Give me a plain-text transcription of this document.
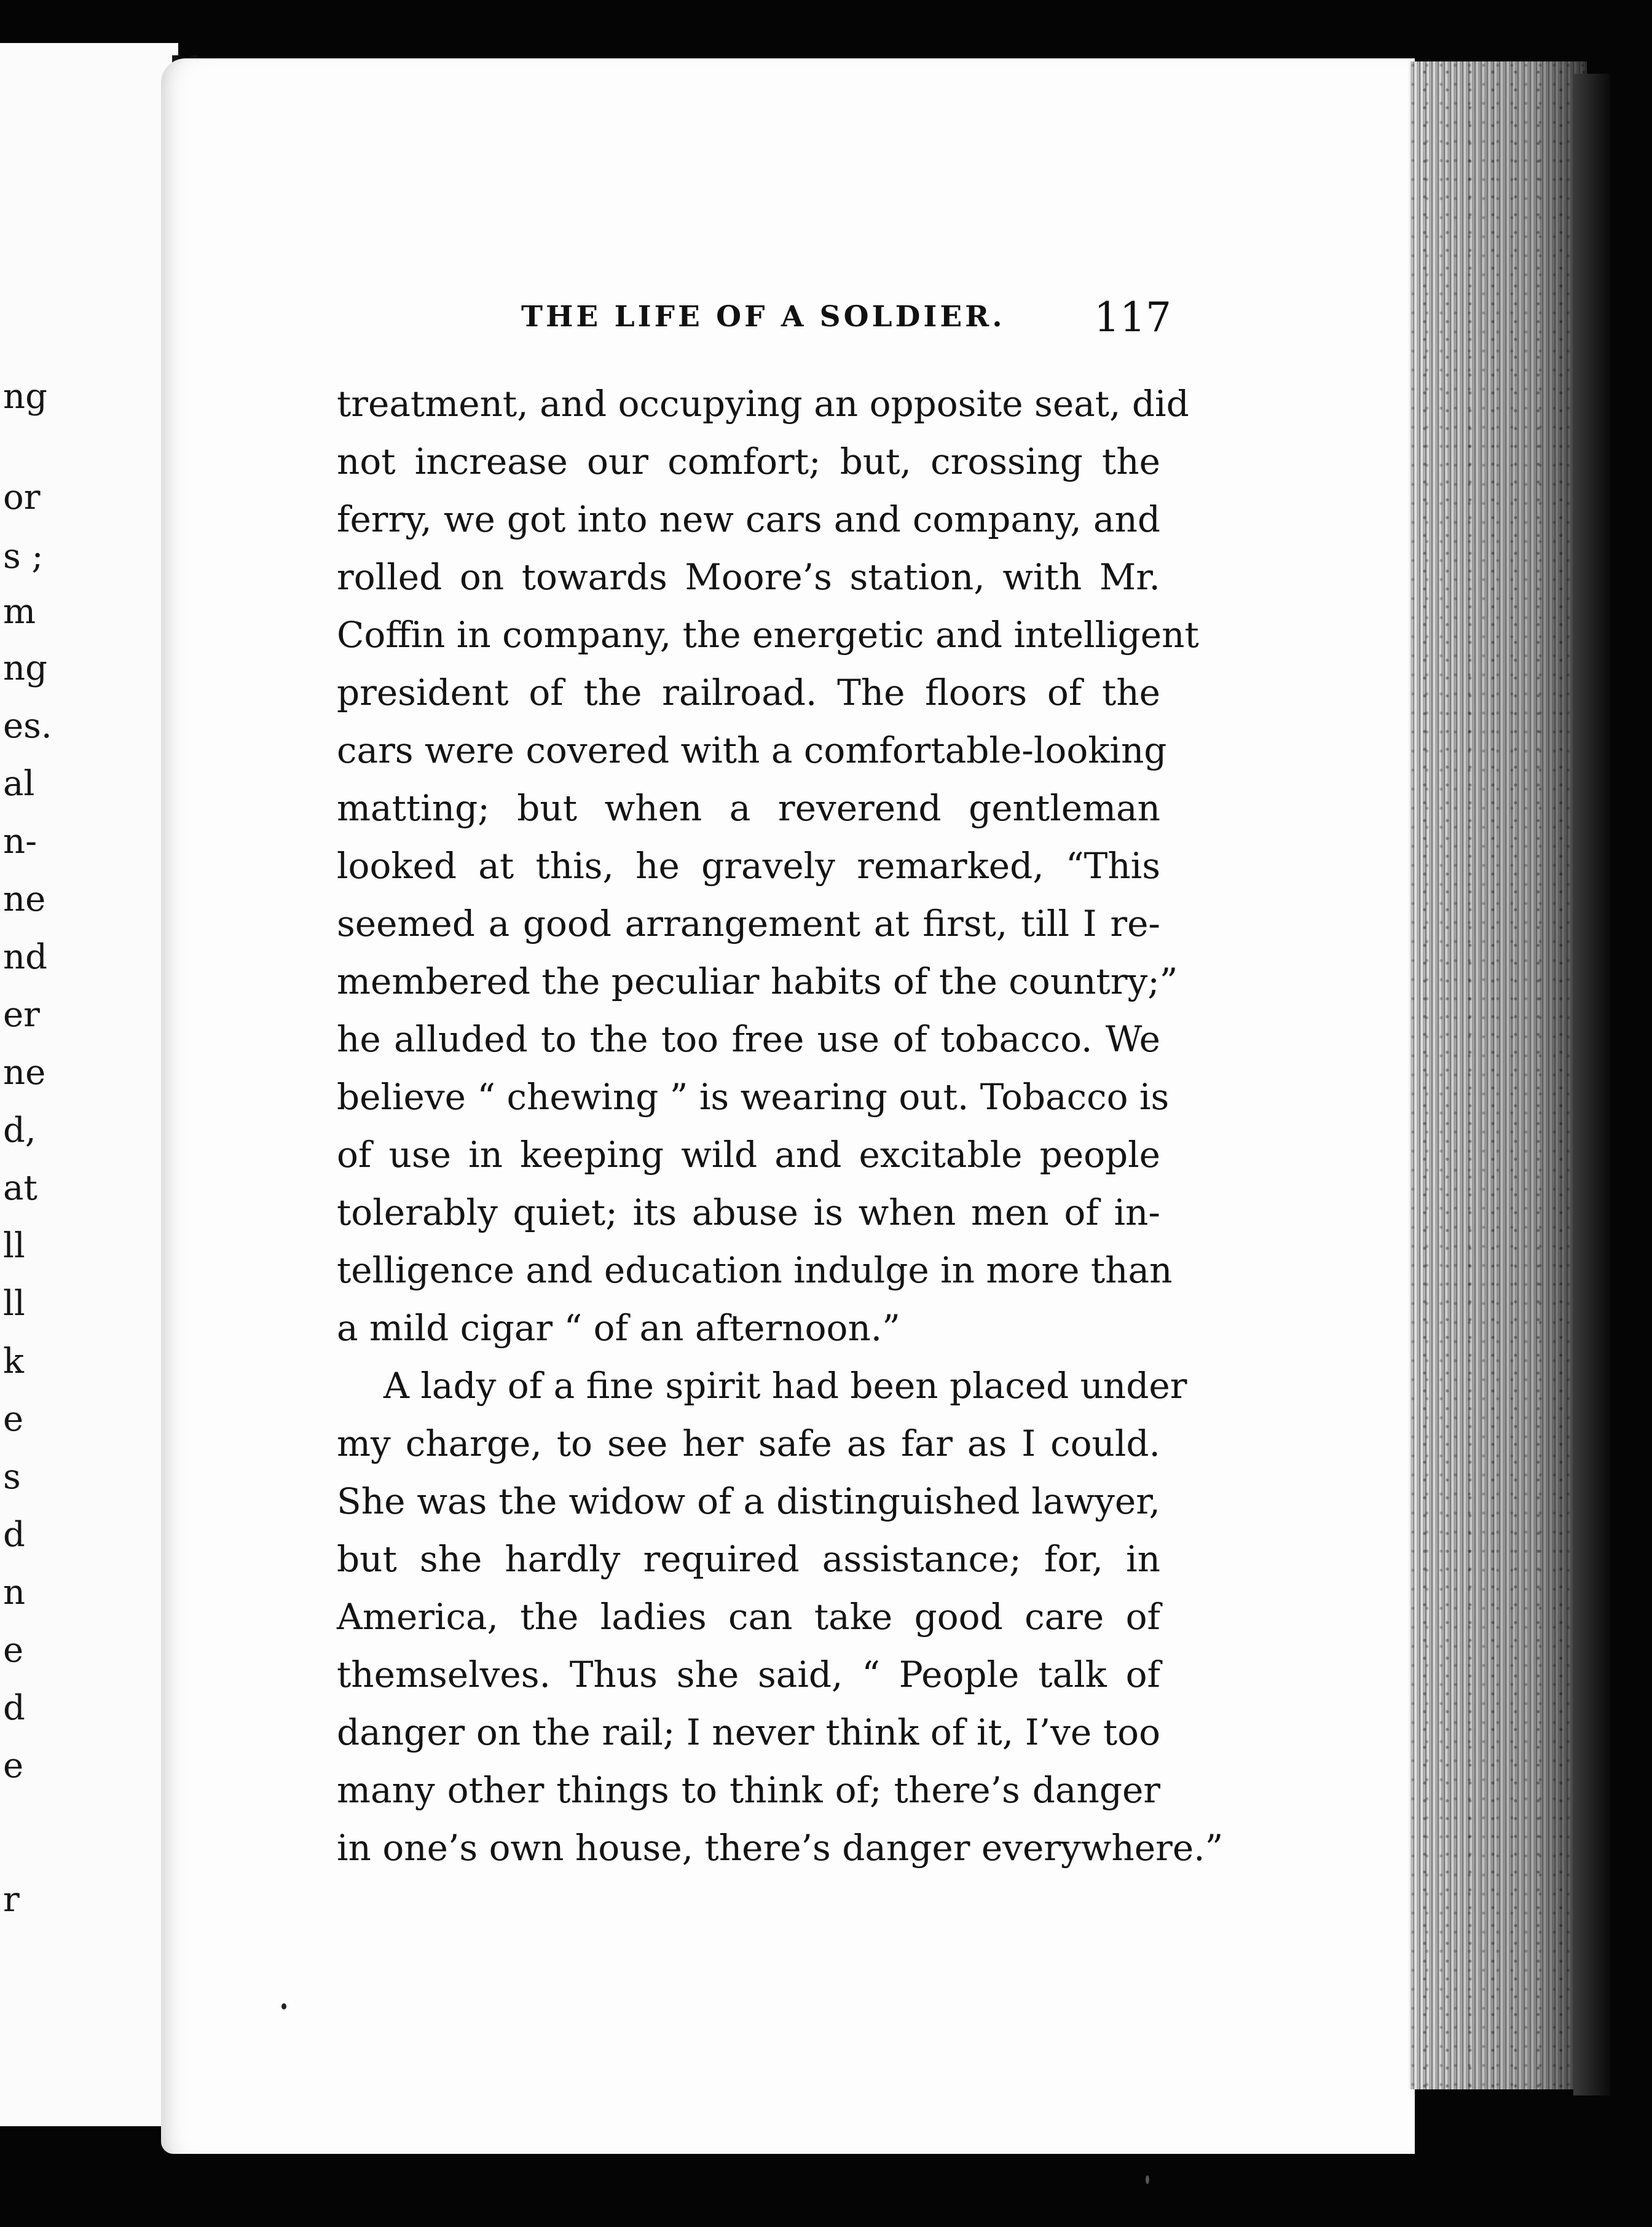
ng
or
s ;
m
ng
es.
al
n-
ne
nd
er
ne
d,
at
ll
ll
k
e
s
d
n
e
d
e
r
THE LIFE OF A SOLDIER. 117
treatment, and occupying an opposite seat, did
not increase our comfort; but, crossing the
ferry, we got into new cars and company, and
rolled on towards Moore’s station, with Mr.
Coffin in company, the energetic and intelligent
president of the railroad. The floors of the
cars were covered with a comfortable-looking
matting; but when a reverend gentleman
looked at this, he gravely remarked, “This
seemed a good arrangement at first, till I re-
membered the peculiar habits of the country;”
he alluded to the too free use of tobacco. We
believe “ chewing ” is wearing out. Tobacco is
of use in keeping wild and excitable people
tolerably quiet; its abuse is when men of in-
telligence and education indulge in more than
a mild cigar “ of an afternoon.”
A lady of a fine spirit had been placed under
my charge, to see her safe as far as I could.
She was the widow of a distinguished lawyer,
but she hardly required assistance; for, in
America, the ladies can take good care of
themselves. Thus she said, “ People talk of
danger on the rail; I never think of it, I’ve too
many other things to think of; there’s danger
in one’s own house, there’s danger everywhere.”
